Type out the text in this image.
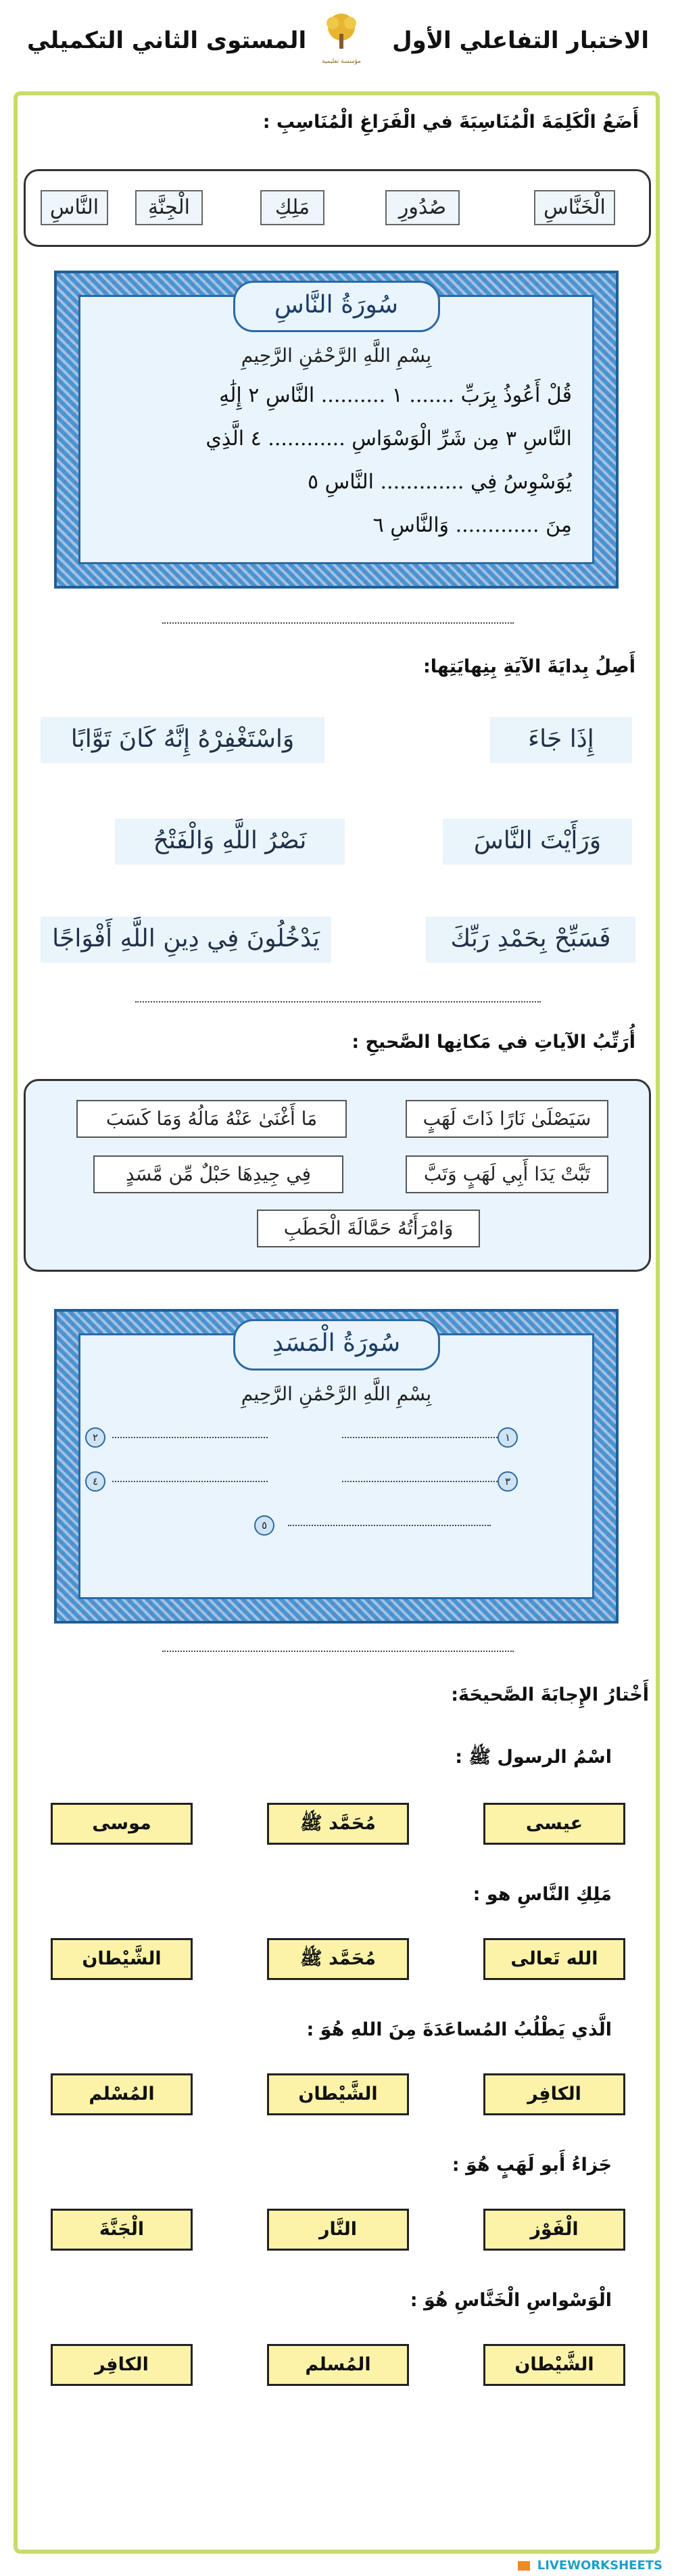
المستوى الثاني التكميلي	الاختبار التفاعلي الأول
مؤسسة تعليمية
أَضَعُ الْكَلِمَةَ الْمُنَاسِبَةَ في الْفَرَاغِ الْمُنَاسِبِ :
الْخَنَّاسِ
صُدُورِ
مَلِكِ
الْجِنَّةِ
النَّاسِ
سُورَةُ النَّاسِ
بِسْمِ اللَّهِ الرَّحْمَٰنِ الرَّحِيمِ
قُلْ أَعُوذُ بِرَبِّ ....... ١ .......... النَّاسِ ٢ إِلَٰهِ
النَّاسِ ٣ مِن شَرِّ الْوَسْوَاسِ ............ ٤ الَّذِي
يُوَسْوِسُ فِي ............. النَّاسِ ٥
مِنَ ............. وَالنَّاسِ ٦
أَصِلُ بِدايَةَ الآيَةِ بِنِهايَتِها:
إِذَا جَاءَ
وَاسْتَغْفِرْهُ إِنَّهُ كَانَ تَوَّابًا
وَرَأَيْتَ النَّاسَ
نَصْرُ اللَّهِ وَالْفَتْحُ
فَسَبِّحْ بِحَمْدِ رَبِّكَ
يَدْخُلُونَ فِي دِينِ اللَّهِ أَفْوَاجًا
أُرَتِّبُ الآياتِ في مَكانِها الصَّحيحِ :
سَيَصْلَىٰ نَارًا ذَاتَ لَهَبٍ
مَا أَغْنَىٰ عَنْهُ مَالُهُ وَمَا كَسَبَ
تَبَّتْ يَدَا أَبِي لَهَبٍ وَتَبَّ
فِي جِيدِهَا حَبْلٌ مِّن مَّسَدٍ
وَامْرَأَتُهُ حَمَّالَةَ الْحَطَبِ
سُورَةُ الْمَسَدِ
بِسْمِ اللَّهِ الرَّحْمَٰنِ الرَّحِيمِ
١
٢
٣
٤
٥
أَخْتارُ الإِجابَةَ الصَّحيحَةَ:
اسْمُ الرسول ﷺ :
عيسى
مُحَمَّد ﷺ
موسى
مَلِكِ النَّاسِ هو :
الله تَعالى
مُحَمَّد ﷺ
الشَّيْطان
الَّذي يَطْلُبُ المُساعَدَةَ مِنَ اللهِ هُوَ :
الكافِر
الشَّيْطان
المُسْلم
جَزاءُ أَبو لَهَبٍ هُوَ :
الْفَوْز
النَّار
الْجَنَّةَ
الْوَسْواسِ الْخَنَّاسِ هُوَ :
الشَّيْطان
المُسلم
الكافِر
LIVEWORKSHEETS
